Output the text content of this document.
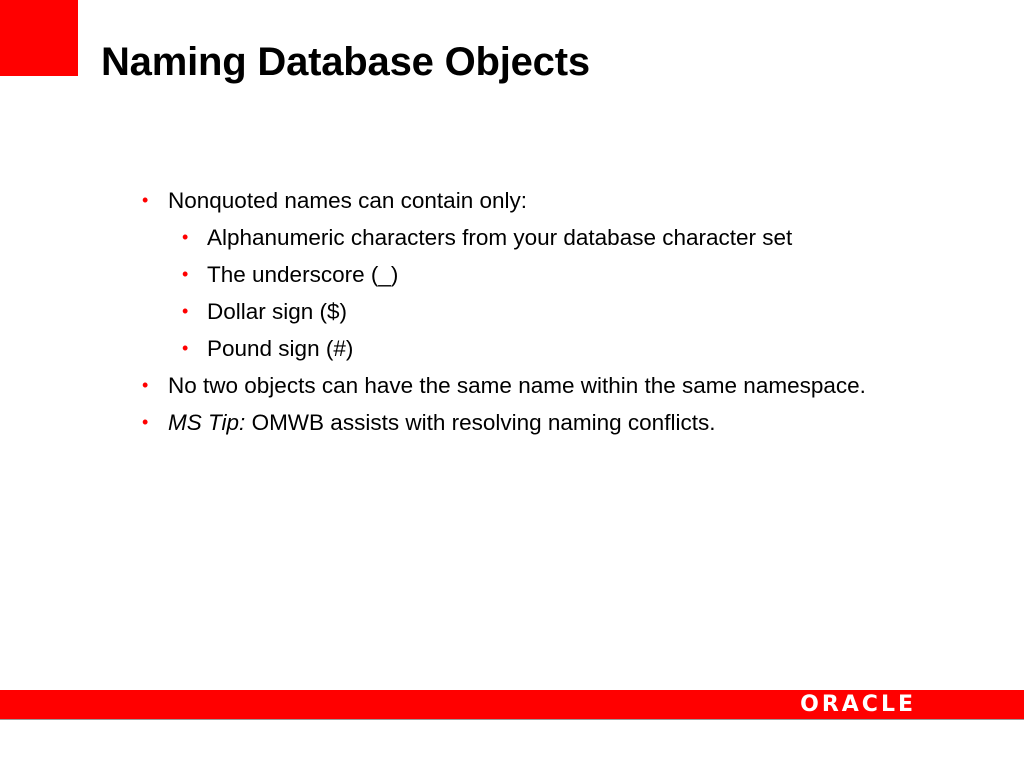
Naming Database Objects
• Nonquoted names can contain only:
• Alphanumeric characters from your database character set
• The underscore (_)
• Dollar sign ($)
• Pound sign (#)
• No two objects can have the same name within the same namespace.
• MS Tip: OMWB assists with resolving naming conflicts.
ORACLE
